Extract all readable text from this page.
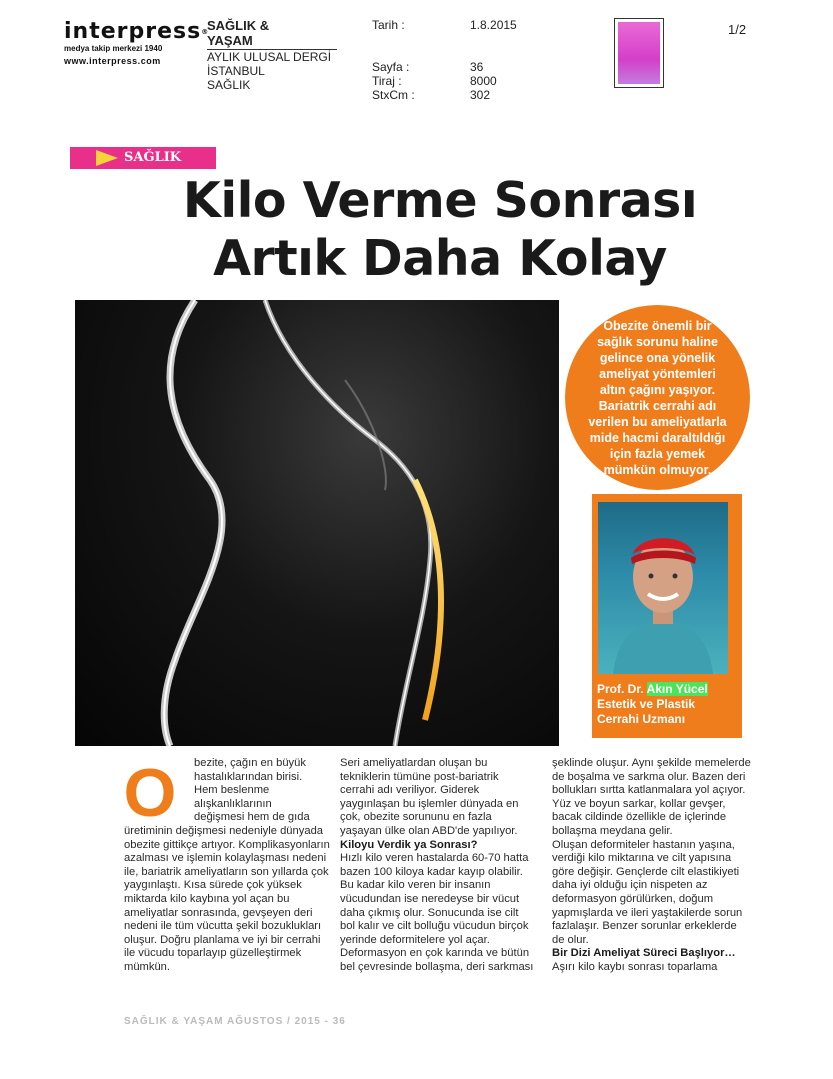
interpress®
medya takip merkezi 1940
www.interpress.com
SAĞLIK &
YAŞAM
AYLIK ULUSAL DERGİ
İSTANBUL
SAĞLIK
Tarih :
Sayfa :
Tiraj :
StxCm :
1.8.2015
36
8000
302
1/2
SAĞLIK
Kilo Verme Sonrası
Artık Daha Kolay
Obezite önemli bir sağlık sorunu haline gelince ona yönelik ameliyat yöntemleri altın çağını yaşıyor. Bariatrik cerrahi adı verilen bu ameliyatlarla mide hacmi daraltıldığı için fazla yemek mümkün olmuyor.
Prof. Dr. Akın Yücel
Estetik ve Plastik
Cerrahi Uzmanı
O	bezite, çağın en büyük
hastalıklarından birisi.
Hem beslenme
alışkanlıklarının
değişmesi hem de gıda
üretiminin değişmesi nedeniyle dünyada obezite gittikçe artıyor. Komplikasyonların azalması ve işlemin kolaylaşması nedeni ile, bariatrik ameliyatların son yıllarda çok yaygınlaştı. Kısa sürede çok yüksek miktarda kilo kaybına yol açan bu ameliyatlar sonrasında, gevşeyen deri nedeni ile tüm vücutta şekil bozuklukları oluşur. Doğru planlama ve iyi bir cerrahi ile vücudu toparlayıp güzelleştirmek mümkün.
Seri ameliyatlardan oluşan bu tekniklerin tümüne post-bariatrik cerrahi adı veriliyor. Giderek yaygınlaşan bu işlemler dünyada en çok, obezite sorununu en fazla yaşayan ülke olan ABD'de yapılıyor.
Kiloyu Verdik ya Sonrası?
Hızlı kilo veren hastalarda 60-70 hatta bazen 100 kiloya kadar kayıp olabilir. Bu kadar kilo veren bir insanın vücudundan ise neredeyse bir vücut daha çıkmış olur. Sonucunda ise cilt bol kalır ve cilt bolluğu vücudun birçok yerinde deformitelere yol açar. Deformasyon en çok karında ve bütün bel çevresinde bollaşma, deri sarkması
şeklinde oluşur. Aynı şekilde memelerde de boşalma ve sarkma olur. Bazen deri bollukları sırtta katlanmalara yol açıyor. Yüz ve boyun sarkar, kollar gevşer, bacak cildinde özellikle de içlerinde bollaşma meydana gelir.
Oluşan deformiteler hastanın yaşına, verdiği kilo miktarına ve cilt yapısına göre değişir. Gençlerde cilt elastikiyeti daha iyi olduğu için nispeten az deformasyon görülürken, doğum yapmışlarda ve ileri yaştakilerde sorun fazlalaşır. Benzer sorunlar erkeklerde de olur.
Bir Dizi Ameliyat Süreci Başlıyor…
Aşırı kilo kaybı sonrası toparlama
SAĞLIK & YAŞAM AĞUSTOS / 2015 - 36
